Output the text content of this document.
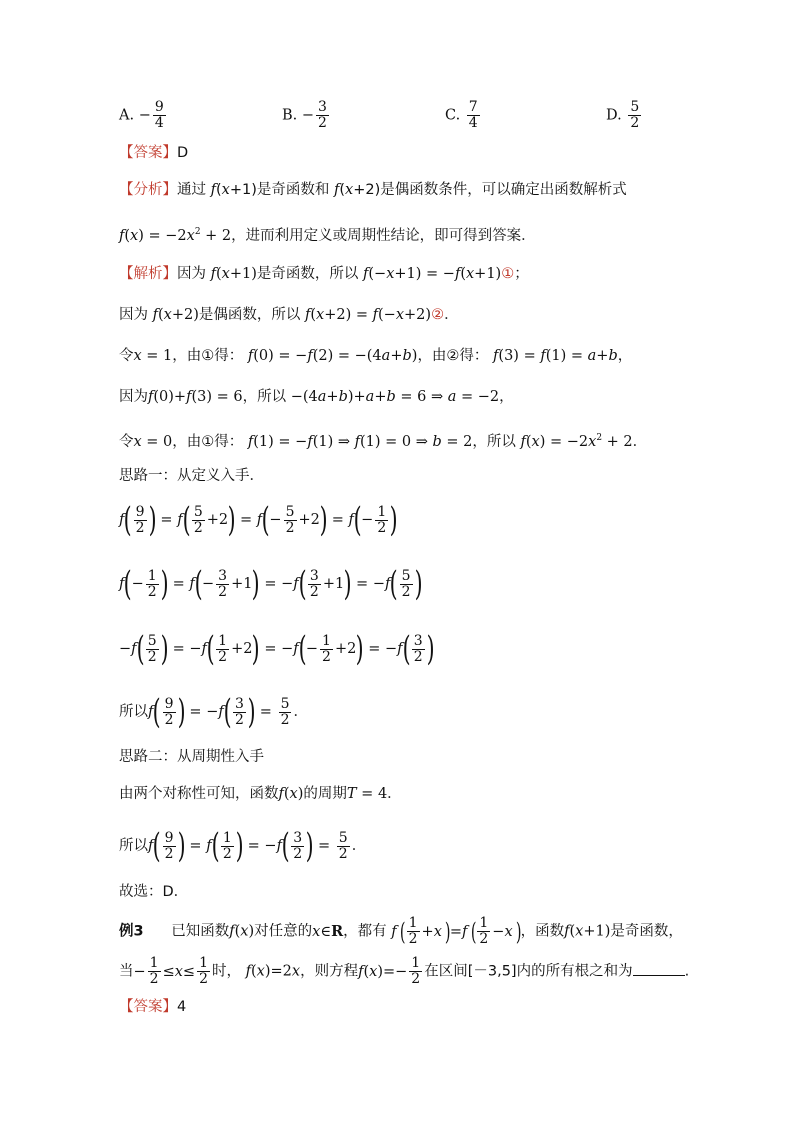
A. − $\frac{9}{4}$	B. − $\frac{3}{2}$	C. $\frac{7}{4}$	D. $\frac{5}{2}$
【答案】D
【分析】通过 f(x+1)是奇函数和 f(x+2)是偶函数条件，可以确定出函数解析式
$f(x) = -2x^2 + 2$，进而利用定义或周期性结论，即可得到答案．
【解析】因为 f(x+1)是奇函数，所以 f(−x+1) = −f(x+1)①；
因为 f(x+2)是偶函数，所以 f(x+2) = f(−x+2)②．
令x = 1，由①得： f(0) = −f(2) = −(4a+b)，由②得： f(3) = f(1) = a+b，
因为f(0)+f(3) = 6，所以 −(4a+b)+a+b = 6 ⇒ a = −2，
令x = 0，由①得： f(1) = −f(1) ⇒ f(1) = 0 ⇒ b = 2，所以 $f(x) = -2x^2 + 2$．
思路一：从定义入手．
$f( \frac{9}{2}$ ) = $f( \frac{5}{2} +2) = f(- \frac{5}{2} +2) = f(- \frac{1}{2}$ )
$f(- \frac{1}{2}$ ) = $f(- \frac{3}{2} +1) = -f( \frac{3}{2} +1) = -f( \frac{5}{2}$ )
$-f( \frac{5}{2}$ ) = $-f( \frac{1}{2} +2) = -f(- \frac{1}{2} +2) = -f( \frac{3}{2}$ )
所以$f( \frac{9}{2}$ ) = $-f( \frac{3}{2}$ ) = $\frac{5}{2}$ ．
思路二：从周期性入手
由两个对称性可知，函数f(x)的周期T = 4．
所以$f( \frac{9}{2}$ ) = $f( \frac{1}{2}$ ) = $-f( \frac{3}{2}$ ) = $\frac{5}{2}$ ．
故选：D．
例3 已知函数f(x)对任意的x∈R，都有 f ( $\frac{1}{2} +x$ )=f ( $\frac{1}{2} -x$ )，函数f(x+1)是奇函数，
当− $\frac{1}{2} \le x\le \frac{1}{2}$ 时， f(x)=2x，则方程$f(x)=- \frac{1}{2}$ 在区间[－3,5]内的所有根之和为	.
【答案】4
